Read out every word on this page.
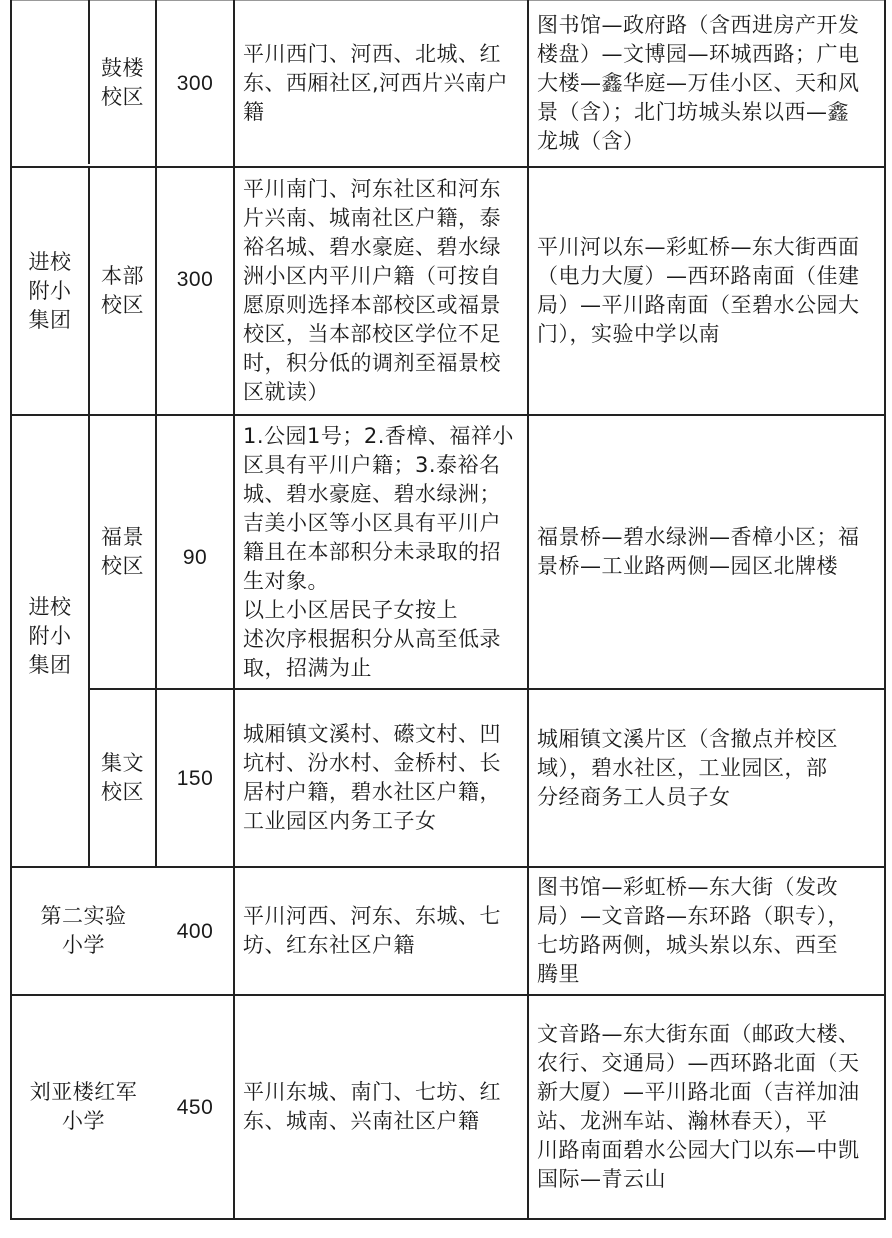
鼓楼
校区
300
平川西门、河西、北城、红
东、西厢社区,河西片兴南户
籍
图书馆—政府路（含西进房产开发
楼盘）—文博园—环城西路；广电
大楼—鑫华庭—万佳小区、天和风
景（含）；北门坊城头岽以西—鑫
龙城（含）
进校
附小
集团
本部
校区
300
平川南门、河东社区和河东
片兴南、城南社区户籍，泰
裕名城、碧水豪庭、碧水绿
洲小区内平川户籍（可按自
愿原则选择本部校区或福景
校区，当本部校区学位不足
时，积分低的调剂至福景校
区就读）
平川河以东—彩虹桥—东大街西面
（电力大厦）—西环路南面（佳建
局）—平川路南面（至碧水公园大
门），实验中学以南
福景
校区 90
1.公园1号；2.香樟、福祥小
区具有平川户籍；3.泰裕名
城、碧水豪庭、碧水绿洲；
吉美小区等小区具有平川户
籍且在本部积分未录取的招
生对象。
以上小区居民子女按上
述次序根据积分从高至低录
取，招满为止
福景桥—碧水绿洲—香樟小区；福
景桥—工业路两侧—园区北牌楼
进校
附小
集团
集文
校区
150
城厢镇文溪村、礤文村、凹
坑村、汾水村、金桥村、长
居村户籍，碧水社区户籍，
工业园区内务工子女
城厢镇文溪片区（含撤点并校区
域），碧水社区，工业园区，部
分经商务工人员子女
第二实验
小学
400
平川河西、河东、东城、七
坊、红东社区户籍
图书馆—彩虹桥—东大街（发改
局）—文音路—东环路（职专），
七坊路两侧，城头岽以东、西至
腾里
刘亚楼红军
小学
450
平川东城、南门、七坊、红
东、城南、兴南社区户籍
文音路—东大街东面（邮政大楼、
农行、交通局）—西环路北面（天
新大厦）—平川路北面（吉祥加油
站、龙洲车站、瀚林春天），平
川路南面碧水公园大门以东—中凯
国际—青云山
